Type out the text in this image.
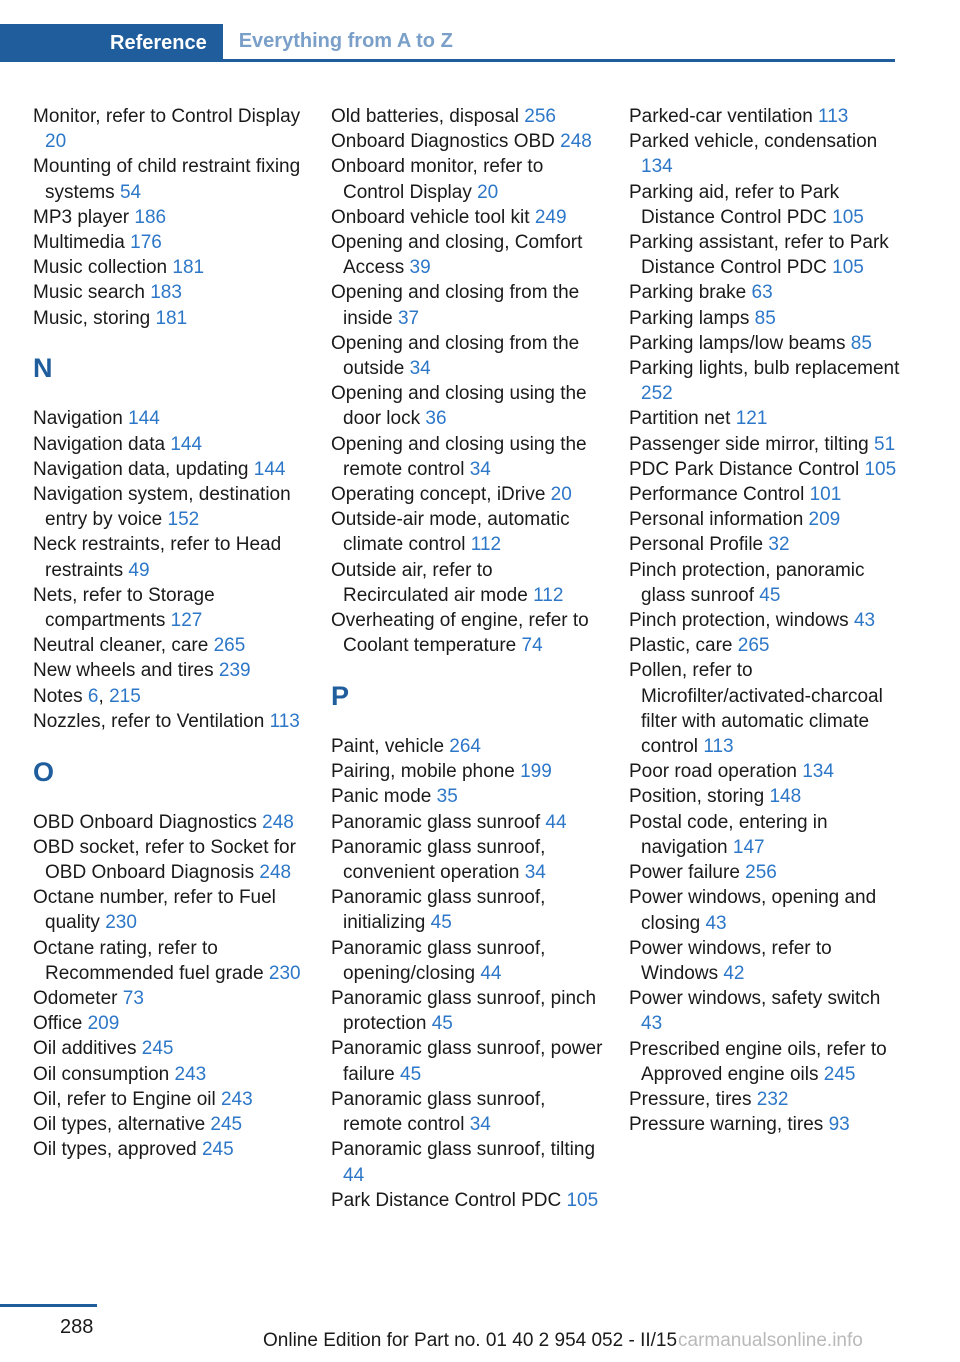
Reference	Everything from A to Z
Monitor, refer to Control Display 20
Mounting of child restraint fixing systems 54
MP3 player 186
Multimedia 176
Music collection 181
Music search 183
Music, storing 181
N
Navigation 144
Navigation data 144
Navigation data, updating 144
Navigation system, destination entry by voice 152
Neck restraints, refer to Head restraints 49
Nets, refer to Storage compartments 127
Neutral cleaner, care 265
New wheels and tires 239
Notes 6, 215
Nozzles, refer to Ventilation 113
O
OBD Onboard Diagnostics 248
OBD socket, refer to Socket for OBD Onboard Diagnosis 248
Octane number, refer to Fuel quality 230
Octane rating, refer to Recommended fuel grade 230
Odometer 73
Office 209
Oil additives 245
Oil consumption 243
Oil, refer to Engine oil 243
Oil types, alternative 245
Oil types, approved 245
Old batteries, disposal 256
Onboard Diagnostics OBD 248
Onboard monitor, refer to Control Display 20
Onboard vehicle tool kit 249
Opening and closing, Comfort Access 39
Opening and closing from the inside 37
Opening and closing from the outside 34
Opening and closing using the door lock 36
Opening and closing using the remote control 34
Operating concept, iDrive 20
Outside-air mode, automatic climate control 112
Outside air, refer to Recirculated air mode 112
Overheating of engine, refer to Coolant temperature 74
P
Paint, vehicle 264
Pairing, mobile phone 199
Panic mode 35
Panoramic glass sunroof 44
Panoramic glass sunroof, convenient operation 34
Panoramic glass sunroof, initializing 45
Panoramic glass sunroof, opening/closing 44
Panoramic glass sunroof, pinch protection 45
Panoramic glass sunroof, power failure 45
Panoramic glass sunroof, remote control 34
Panoramic glass sunroof, tilting 44
Park Distance Control PDC 105
Parked-car ventilation 113
Parked vehicle, condensation 134
Parking aid, refer to Park Distance Control PDC 105
Parking assistant, refer to Park Distance Control PDC 105
Parking brake 63
Parking lamps 85
Parking lamps/low beams 85
Parking lights, bulb replacement 252
Partition net 121
Passenger side mirror, tilting 51
PDC Park Distance Control 105
Performance Control 101
Personal information 209
Personal Profile 32
Pinch protection, panoramic glass sunroof 45
Pinch protection, windows 43
Plastic, care 265
Pollen, refer to Microfilter/activated-charcoal filter with automatic climate control 113
Poor road operation 134
Position, storing 148
Postal code, entering in navigation 147
Power failure 256
Power windows, opening and closing 43
Power windows, refer to Windows 42
Power windows, safety switch 43
Prescribed engine oils, refer to Approved engine oils 245
Pressure, tires 232
Pressure warning, tires 93
288
Online Edition for Part no. 01 40 2 954 052 - II/15 carmanualsonline.info
